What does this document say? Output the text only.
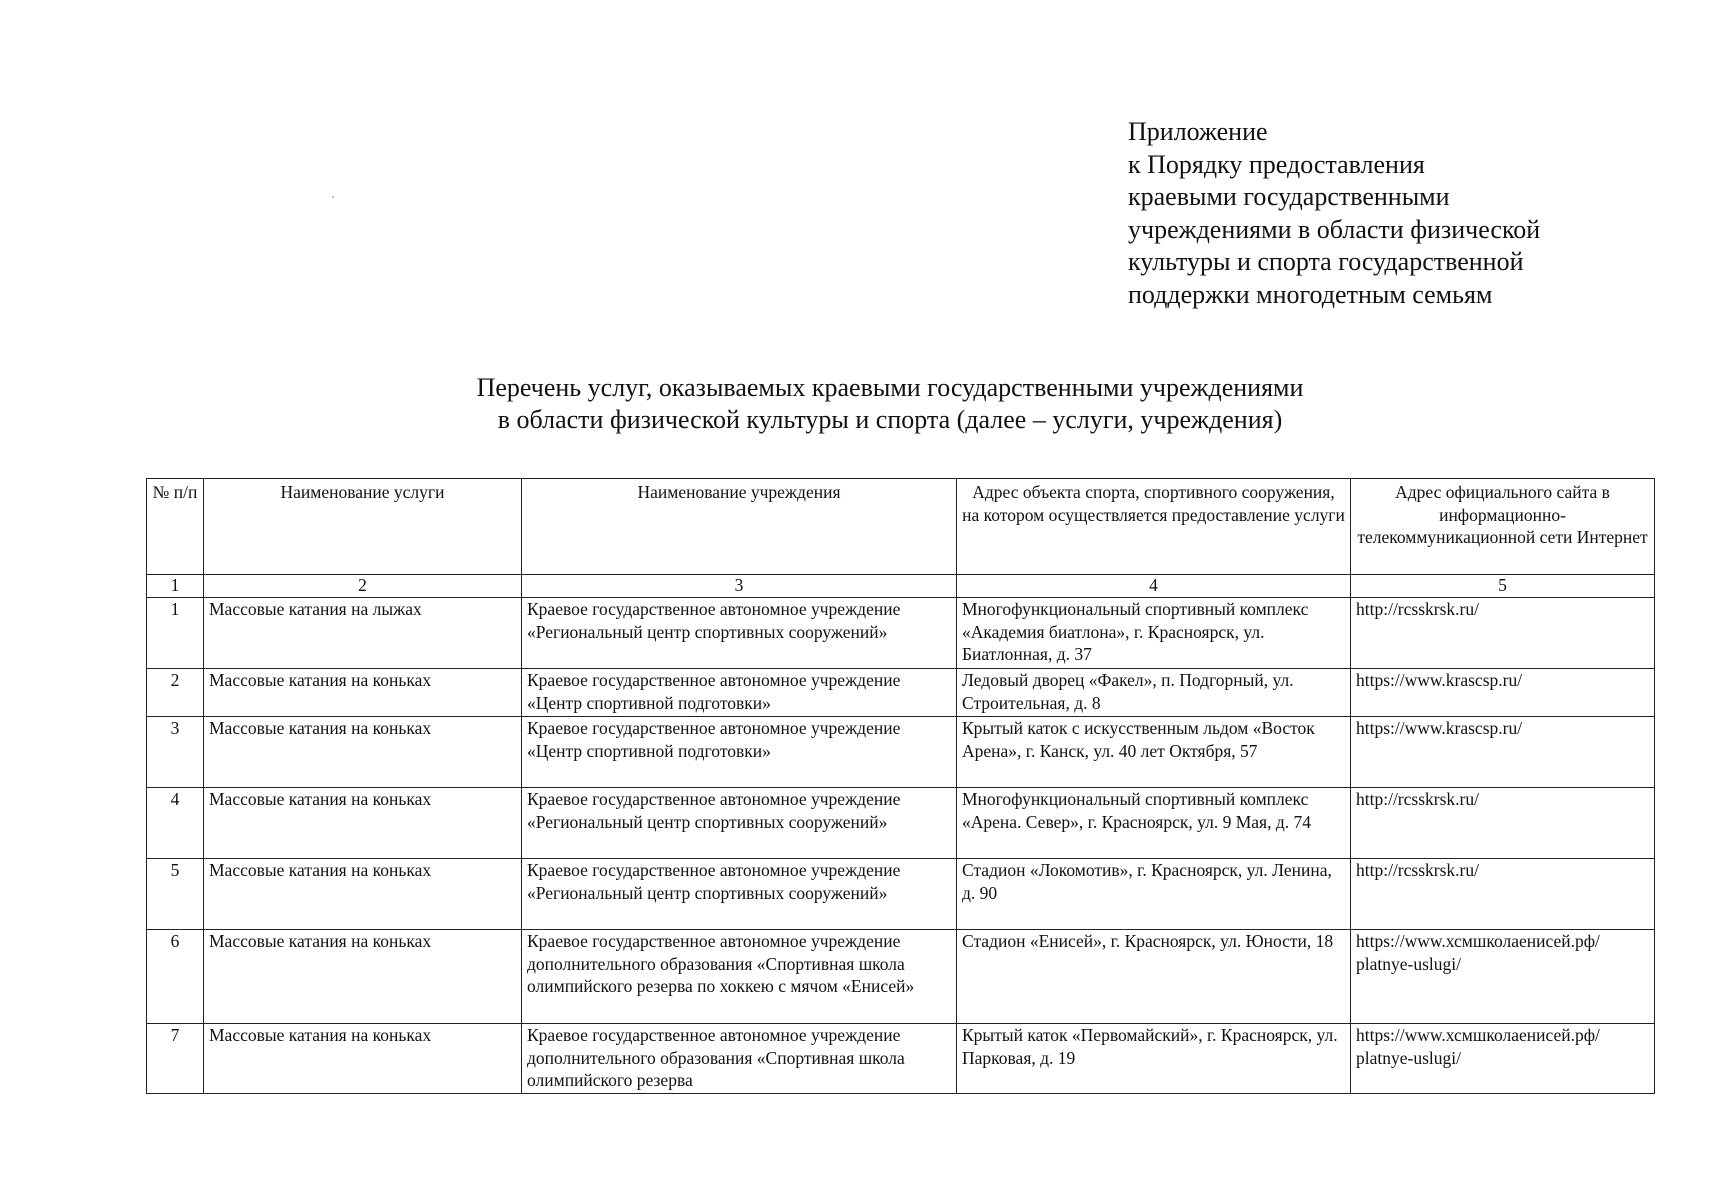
Приложение
к Порядку предоставления
краевыми государственными
учреждениями в области физической
культуры и спорта государственной
поддержки многодетным семьям
Перечень услуг, оказываемых краевыми государственными учреждениями
в области физической культуры и спорта (далее – услуги, учреждения)
№ п/п	Наименование услуги	Наименование учреждения	Адрес объекта спорта, спортивного сооружения, на котором осуществляется предоставление услуги	Адрес официального сайта в информационно-телекоммуникационной сети Интернет
1	2	3	4	5
1	Массовые катания на лыжах	Краевое государственное автономное учреждение «Региональный центр спортивных сооружений»	Многофункциональный спортивный комплекс «Академия биатлона», г. Красноярск, ул. Биатлонная, д. 37	http://rcsskrsk.ru/
2	Массовые катания на коньках	Краевое государственное автономное учреждение «Центр спортивной подготовки»	Ледовый дворец «Факел», п. Подгорный, ул. Строительная, д. 8	https://www.krascsp.ru/
3	Массовые катания на коньках	Краевое государственное автономное учреждение «Центр спортивной подготовки»	Крытый каток с искусственным льдом «Восток Арена», г. Канск, ул. 40 лет Октября, 57	https://www.krascsp.ru/
4	Массовые катания на коньках	Краевое государственное автономное учреждение «Региональный центр спортивных сооружений»	Многофункциональный спортивный комплекс «Арена. Север», г. Красноярск, ул. 9 Мая, д. 74	http://rcsskrsk.ru/
5	Массовые катания на коньках	Краевое государственное автономное учреждение «Региональный центр спортивных сооружений»	Стадион «Локомотив», г. Красноярск, ул. Ленина, д. 90	http://rcsskrsk.ru/
6	Массовые катания на коньках	Краевое государственное автономное учреждение дополнительного образования «Спортивная школа олимпийского резерва по хоккею с мячом «Енисей»	Стадион «Енисей», г. Красноярск, ул. Юности, 18	https://www.хсмшколаенисей.рф/ platnye-uslugi/
7	Массовые катания на коньках	Краевое государственное автономное учреждение дополнительного образования «Спортивная школа олимпийского резерва	Крытый каток «Первомайский», г. Красноярск, ул. Парковая, д. 19	https://www.хсмшколаенисей.рф/ platnye-uslugi/
